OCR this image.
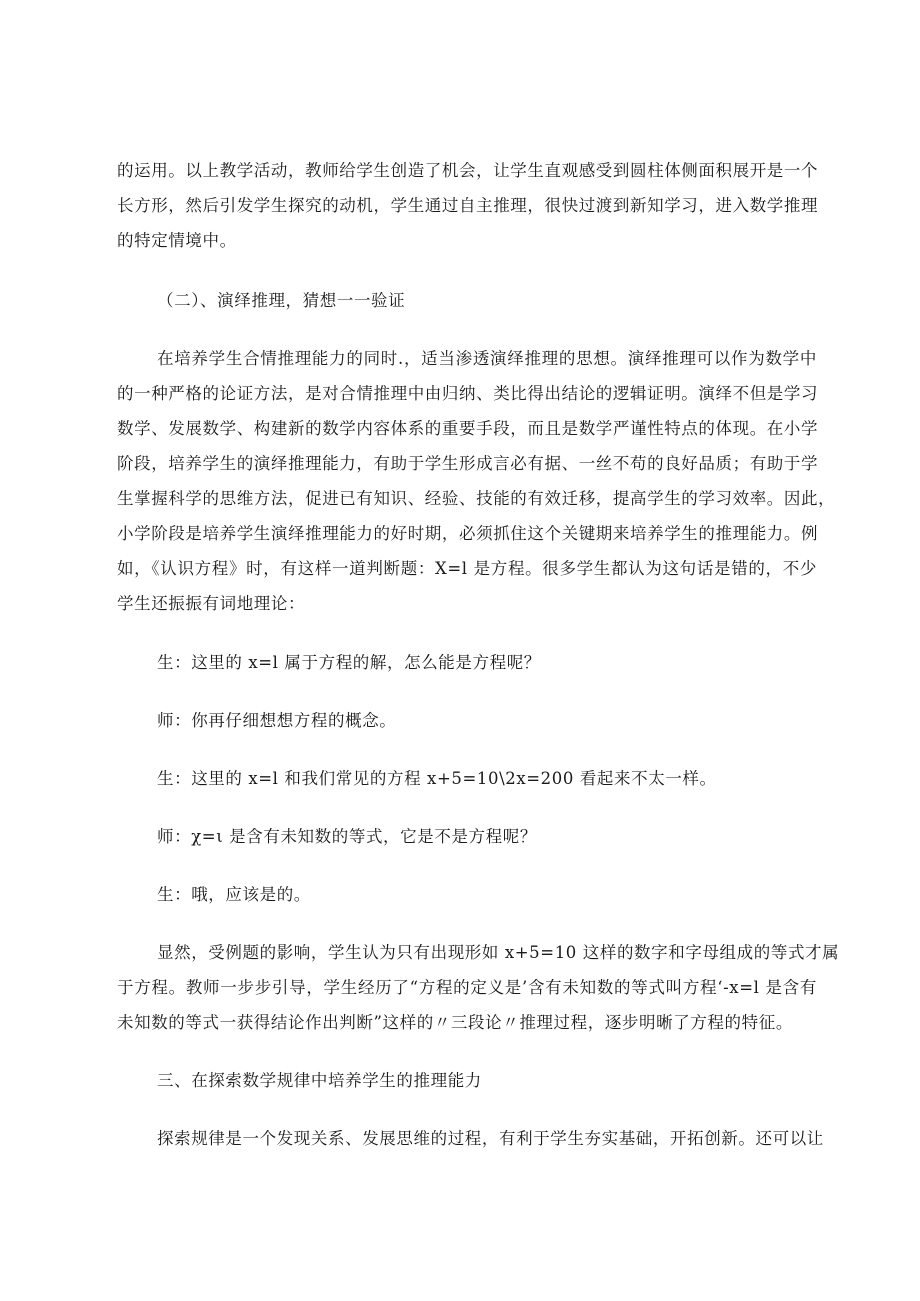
的运用。以上教学活动，教师给学生创造了机会，让学生直观感受到圆柱体侧面积展开是一个
长方形，然后引发学生探究的动机，学生通过自主推理，很快过渡到新知学习，进入数学推理
的特定情境中。
（二）、演绎推理，猜想一一验证
在培养学生合情推理能力的同时.，适当渗透演绎推理的思想。演绎推理可以作为数学中
的一种严格的论证方法，是对合情推理中由归纳、类比得出结论的逻辑证明。演绎不但是学习
数学、发展数学、构建新的数学内容体系的重要手段，而且是数学严谨性特点的体现。在小学
阶段，培养学生的演绎推理能力，有助于学生形成言必有据、一丝不苟的良好品质；有助于学
生掌握科学的思维方法，促进已有知识、经验、技能的有效迁移，提高学生的学习效率。因此，
小学阶段是培养学生演绎推理能力的好时期，必须抓住这个关键期来培养学生的推理能力。例
如，《认识方程》时，有这样一道判断题：X=l 是方程。很多学生都认为这句话是错的，不少
学生还振振有词地理论：
生：这里的 x=l 属于方程的解，怎么能是方程呢？
师：你再仔细想想方程的概念。
生：这里的 x=l 和我们常见的方程 x+5=10\2x=200 看起来不太一样。
师：χ=ι 是含有未知数的等式，它是不是方程呢？
生：哦，应该是的。
显然，受例题的影响，学生认为只有出现形如 x+5=10 这样的数字和字母组成的等式才属
于方程。教师一步步引导，学生经历了“方程的定义是’含有未知数的等式叫方程‘-x=l 是含有
未知数的等式一获得结论作出判断”这样的〃三段论〃推理过程，逐步明晰了方程的特征。
三、在探索数学规律中培养学生的推理能力
探索规律是一个发现关系、发展思维的过程，有利于学生夯实基础，开拓创新。还可以让
